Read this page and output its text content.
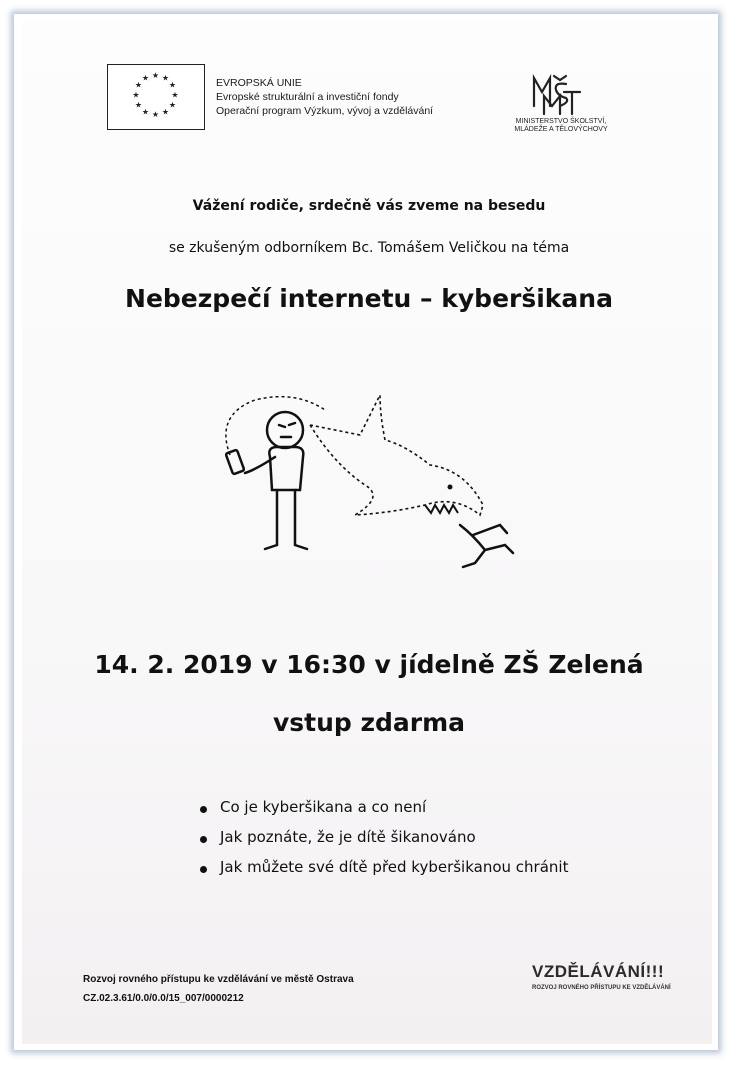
★ ★
★
★
★
★
★
★
★
★
★
★	EVROPSKÁ UNIE
Evropské strukturální a investiční fondy
Operační program Výzkum, vývoj a vzdělávání
MINISTERSTVO ŠKOLSTVÍ,
MLÁDEŽE A TĚLOVÝCHOVY
Vážení rodiče, srdečně vás zveme na besedu
se zkušeným odborníkem Bc. Tomášem Veličkou na téma
Nebezpečí internetu – kyberšikana
14. 2. 2019 v 16:30 v jídelně ZŠ Zelená
vstup zdarma
Co je kyberšikana a co není
Jak poznáte, že je dítě šikanováno
Jak můžete své dítě před kyberšikanou chránit
Rozvoj rovného přístupu ke vzdělávání ve městě Ostrava
CZ.02.3.61/0.0/0.0/15_007/0000212
VZDĚLÁVÁNÍ!!!
ROZVOJ ROVNÉHO PŘÍSTUPU KE VZDĚLÁVÁNÍ
